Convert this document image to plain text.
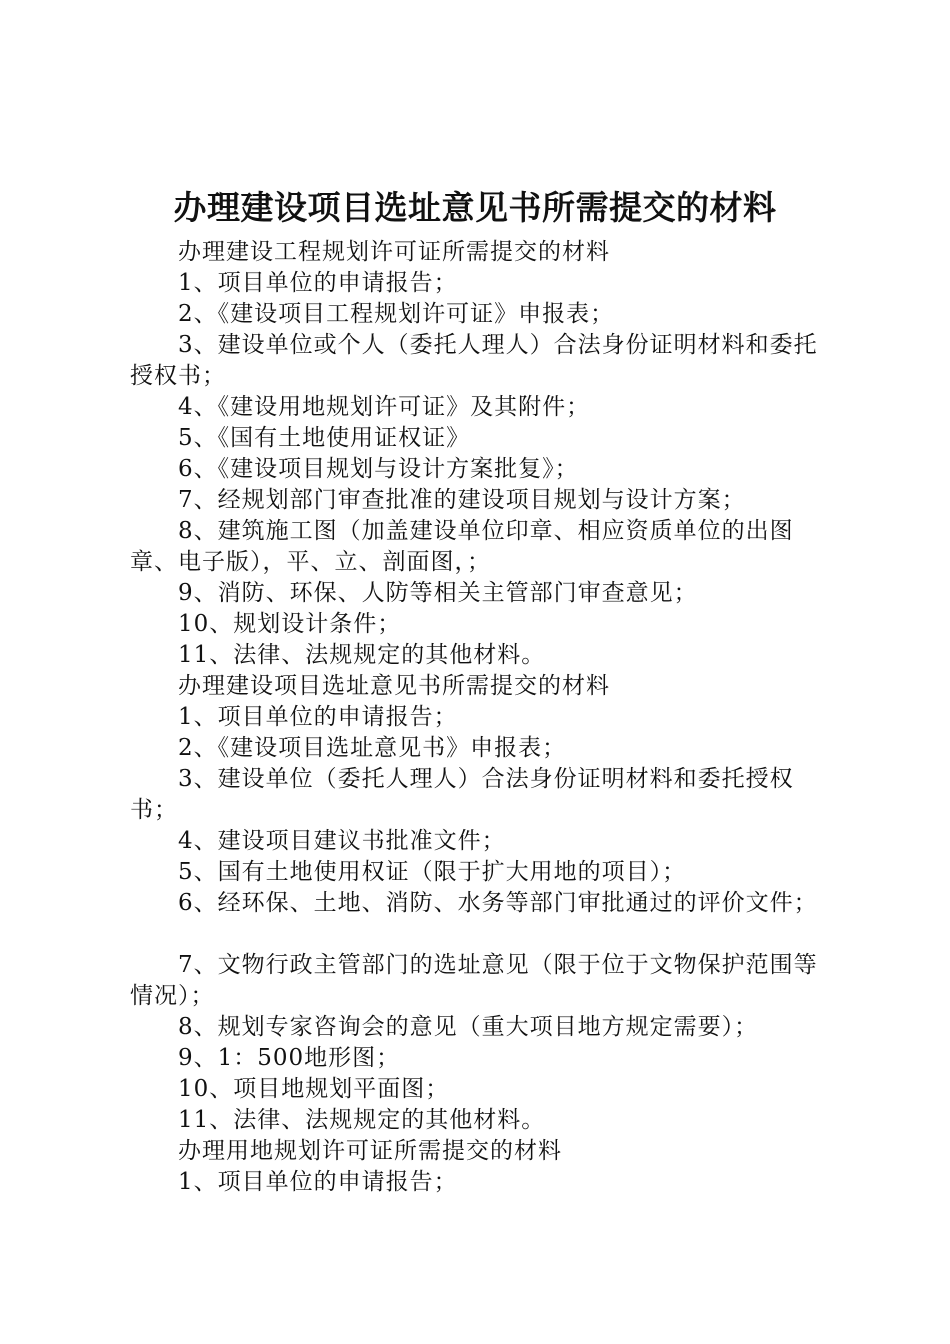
办理建设项目选址意见书所需提交的材料

办理建设工程规划许可证所需提交的材料

1、项目单位的申请报告；

2、《建设项目工程规划许可证》申报表；

3、建设单位或个人（委托人理人）合法身份证明材料和委托授权书；

4、《建设用地规划许可证》及其附件；

5、《国有土地使用证权证》

6、《建设项目规划与设计方案批复》；

7、经规划部门审查批准的建设项目规划与设计方案；

8、建筑施工图（加盖建设单位印章、相应资质单位的出图章、电子版），平、立、剖面图，；

9、消防、环保、人防等相关主管部门审查意见；

10、规划设计条件；

11、法律、法规规定的其他材料。

办理建设项目选址意见书所需提交的材料

1、项目单位的申请报告；

2、《建设项目选址意见书》申报表；

3、建设单位（委托人理人）合法身份证明材料和委托授权书；

4、建设项目建议书批准文件；

5、国有土地使用权证（限于扩大用地的项目）；

6、经环保、土地、消防、水务等部门审批通过的评价文件；

7、文物行政主管部门的选址意见（限于位于文物保护范围等情况）；

8、规划专家咨询会的意见（重大项目地方规定需要）；

9、1：500地形图；

10、项目地规划平面图；

11、法律、法规规定的其他材料。

办理用地规划许可证所需提交的材料

1、项目单位的申请报告；
